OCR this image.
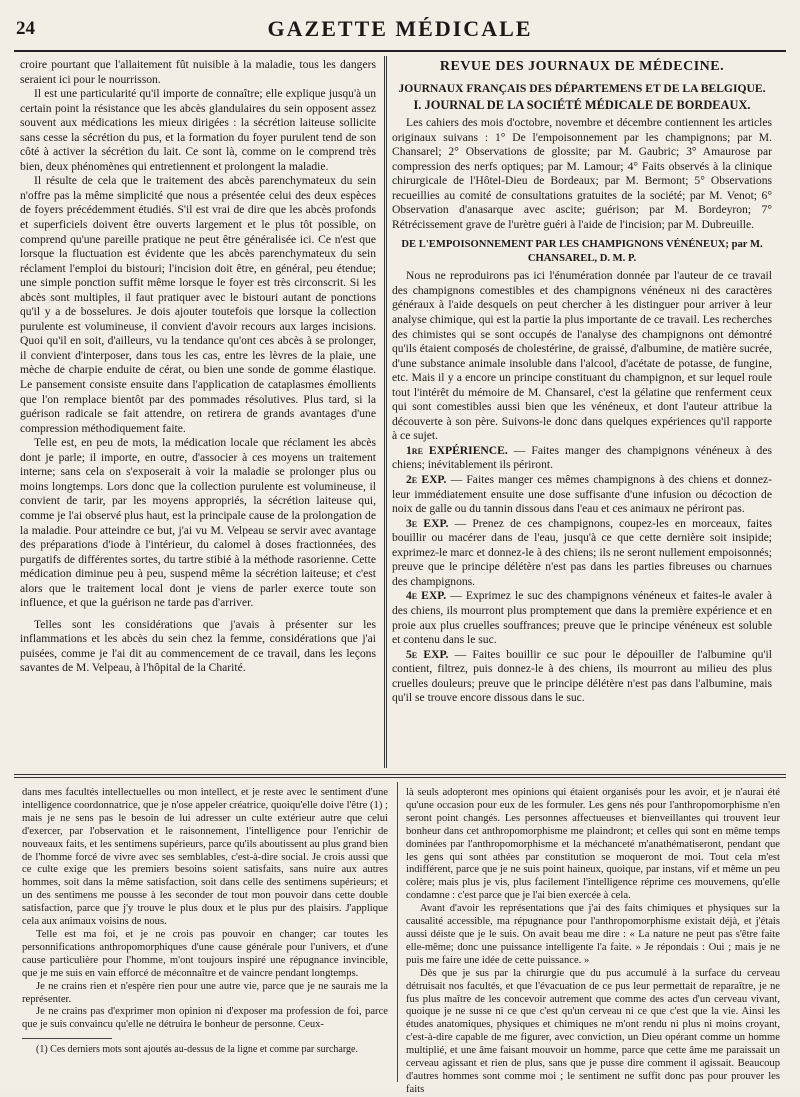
24	GAZETTE MÉDICALE

croire pourtant que l'allaitement fût nuisible à la maladie, tous les dangers seraient ici pour le nourrisson.

Il est une particularité qu'il importe de connaître; elle explique jusqu'à un certain point la résistance que les abcès glandulaires du sein opposent assez souvent aux médications les mieux dirigées : la sécrétion laiteuse sollicite sans cesse la sécrétion du pus, et la formation du foyer purulent tend de son côté à activer la sécrétion du lait. Ce sont là, comme on le comprend très bien, deux phénomènes qui entretiennent et prolongent la maladie.

Il résulte de cela que le traitement des abcès parenchymateux du sein n'offre pas la même simplicité que nous a présentée celui des deux espèces de foyers précédemment étudiés. S'il est vrai de dire que les abcès profonds et superficiels doivent être ouverts largement et le plus tôt possible, on comprend qu'une pareille pratique ne peut être généralisée ici. Ce n'est que lorsque la fluctuation est évidente que les abcès parenchymateux du sein réclament l'emploi du bistouri; l'incision doit être, en général, peu étendue; une simple ponction suffit même lorsque le foyer est très circonscrit. Si les abcès sont multiples, il faut pratiquer avec le bistouri autant de ponctions qu'il y a de bosselures. Je dois ajouter toutefois que lorsque la collection purulente est volumineuse, il convient d'avoir recours aux larges incisions. Quoi qu'il en soit, d'ailleurs, vu la tendance qu'ont ces abcès à se prolonger, il convient d'interposer, dans tous les cas, entre les lèvres de la plaie, une mèche de charpie enduite de cérat, ou bien une sonde de gomme élastique. Le pansement consiste ensuite dans l'application de cataplasmes émollients que l'on remplace bientôt par des pommades résolutives. Plus tard, si la guérison radicale se fait attendre, on retirera de grands avantages d'une compression méthodiquement faite.

Telle est, en peu de mots, la médication locale que réclament les abcès dont je parle; il importe, en outre, d'associer à ces moyens un traitement interne; sans cela on s'exposerait à voir la maladie se prolonger plus ou moins longtemps. Lors donc que la collection purulente est volumineuse, il convient de tarir, par les moyens appropriés, la sécrétion laiteuse qui, comme je l'ai observé plus haut, est la principale cause de la prolongation de la maladie. Pour atteindre ce but, j'ai vu M. Velpeau se servir avec avantage des préparations d'iode à l'intérieur, du calomel à doses fractionnées, des purgatifs de différentes sortes, du tartre stibié à la méthode rasorienne. Cette médication diminue peu à peu, suspend même la sécrétion laiteuse; et c'est alors que le traitement local dont je viens de parler exerce toute son influence, et que la guérison ne tarde pas d'arriver.

Telles sont les considérations que j'avais à présenter sur les inflammations et les abcès du sein chez la femme, considérations que j'ai puisées, comme je l'ai dit au commencement de ce travail, dans les leçons savantes de M. Velpeau, à l'hôpital de la Charité.

REVUE DES JOURNAUX DE MÉDECINE.
JOURNAUX FRANÇAIS DES DÉPARTEMENS ET DE LA BELGIQUE.
I. JOURNAL DE LA SOCIÉTÉ MÉDICALE DE BORDEAUX.

Les cahiers des mois d'octobre, novembre et décembre contiennent les articles originaux suivans : 1° De l'empoisonnement par les champignons; par M. Chansarel; 2° Observations de glossite; par M. Gaubric; 3° Amaurose par compression des nerfs optiques; par M. Lamour; 4° Faits observés à la clinique chirurgicale de l'Hôtel-Dieu de Bordeaux; par M. Bermont; 5° Observations recueillies au comité de consultations gratuites de la société; par M. Venot; 6° Observation d'anasarque avec ascite; guérison; par M. Bordeyron; 7° Rétrécissement grave de l'urètre guéri à l'aide de l'incision; par M. Dubreuille.

DE L'EMPOISONNEMENT PAR LES CHAMPIGNONS VÉNÉNEUX; par M. CHANSAREL, D. M. P.

Nous ne reproduirons pas ici l'énumération donnée par l'auteur de ce travail des champignons comestibles et des champignons vénéneux ni des caractères généraux à l'aide desquels on peut chercher à les distinguer pour arriver à leur analyse chimique, qui est la partie la plus importante de ce travail. Les recherches des chimistes qui se sont occupés de l'analyse des champignons ont démontré qu'ils étaient composés de cholestérine, de graissé, d'albumine, de matière sucrée, d'une substance animale insoluble dans l'alcool, d'acétate de potasse, de fungine, etc. Mais il y a encore un principe constituant du champignon, et sur lequel roule tout l'intérêt du mémoire de M. Chansarel, c'est la gélatine que renferment ceux qui sont comestibles aussi bien que les vénéneux, et dont l'auteur attribue la découverte à son père. Suivons-le donc dans quelques expériences qu'il rapporte à ce sujet.

1re EXPÉRIENCE. — Faites manger des champignons vénéneux à des chiens; inévitablement ils périront.

2e EXP. — Faites manger ces mêmes champignons à des chiens et donnez-leur immédiatement ensuite une dose suffisante d'une infusion ou décoction de noix de galle ou du tannin dissous dans l'eau et ces animaux ne périront pas.

3e EXP. — Prenez de ces champignons, coupez-les en morceaux, faites bouillir ou macérer dans de l'eau, jusqu'à ce que cette dernière soit insipide; exprimez-le marc et donnez-le à des chiens; ils ne seront nullement empoisonnés; preuve que le principe délétère n'est pas dans les parties fibreuses ou charnues des champignons.

4e EXP. — Exprimez le suc des champignons vénéneux et faites-le avaler à des chiens, ils mourront plus promptement que dans la première expérience et en proie aux plus cruelles souffrances; preuve que le principe vénéneux est soluble et contenu dans le suc.

5e EXP. — Faites bouillir ce suc pour le dépouiller de l'albumine qu'il contient, filtrez, puis donnez-le à des chiens, ils mourront au milieu des plus cruelles douleurs; preuve que le principe délétère n'est pas dans l'albumine, mais qu'il se trouve encore dissous dans le suc.

dans mes facultés intellectuelles ou mon intellect, et je reste avec le sentiment d'une intelligence coordonnatrice, que je n'ose appeler créatrice, quoiqu'elle doive l'être (1) ; mais je ne sens pas le besoin de lui adresser un culte extérieur autre que celui d'exercer, par l'observation et le raisonnement, l'intelligence pour l'enrichir de nouveaux faits, et les sentimens supérieurs, parce qu'ils aboutissent au plus grand bien de l'homme forcé de vivre avec ses semblables, c'est-à-dire social. Je crois aussi que ce culte exige que les premiers besoins soient satisfaits, sans nuire aux autres hommes, soit dans la même satisfaction, soit dans celle des sentimens supérieurs; et un des sentimens me pousse à les seconder de tout mon pouvoir dans cette double satisfaction, parce que j'y trouve le plus doux et le plus pur des plaisirs. J'applique cela aux animaux voisins de nous.

Telle est ma foi, et je ne crois pas pouvoir en changer; car toutes les personnifications anthropomorphiques d'une cause générale pour l'univers, et d'une cause particulière pour l'homme, m'ont toujours inspiré une répugnance invincible, que je me suis en vain efforcé de méconnaître et de vaincre pendant longtemps.

Je ne crains rien et n'espère rien pour une autre vie, parce que je ne saurais me la représenter.

Je ne crains pas d'exprimer mon opinion ni d'exposer ma profession de foi, parce que je suis convaincu qu'elle ne détruira le bonheur de personne. Ceux-

(1) Ces derniers mots sont ajoutés au-dessus de la ligne et comme par surcharge.

là seuls adopteront mes opinions qui étaient organisés pour les avoir, et je n'aurai été qu'une occasion pour eux de les formuler. Les gens nés pour l'anthropomorphisme n'en seront point changés. Les personnes affectueuses et bienveillantes qui trouvent leur bonheur dans cet anthropomorphisme me plaindront; et celles qui sont en même temps dominées par l'anthropomorphisme et la méchanceté m'anathématiseront, pendant que les gens qui sont athées par constitution se moqueront de moi. Tout cela m'est indifférent, parce que je ne suis point haineux, quoique, par instans, vif et même un peu colère; mais plus je vis, plus facilement l'intelligence réprime ces mouvemens, qu'elle condamne : c'est parce que je l'ai bien exercée à cela.

Avant d'avoir les représentations que j'ai des faits chimiques et physiques sur la causalité accessible, ma répugnance pour l'anthropomorphisme existait déjà, et j'étais aussi déiste que je le suis. On avait beau me dire : « La nature ne peut pas s'être faite elle-même; donc une puissance intelligente l'a faite. » Je répondais : Oui ; mais je ne puis me faire une idée de cette puissance. »

Dès que je sus par la chirurgie que du pus accumulé à la surface du cerveau détruisait nos facultés, et que l'évacuation de ce pus leur permettait de reparaître, je ne fus plus maître de les concevoir autrement que comme des actes d'un cerveau vivant, quoique je ne susse ni ce que c'est qu'un cerveau ni ce que c'est que la vie. Ainsi les études anatomiques, physiques et chimiques ne m'ont rendu ni plus ni moins croyant, c'est-à-dire capable de me figurer, avec conviction, un Dieu opérant comme un homme multiplié, et une âme faisant mouvoir un homme, parce que cette âme me paraissait un cerveau agissant et rien de plus, sans que je pusse dire comment il agissait. Beaucoup d'autres hommes sont comme moi ; le sentiment ne suffit donc pas pour prouver les faits
